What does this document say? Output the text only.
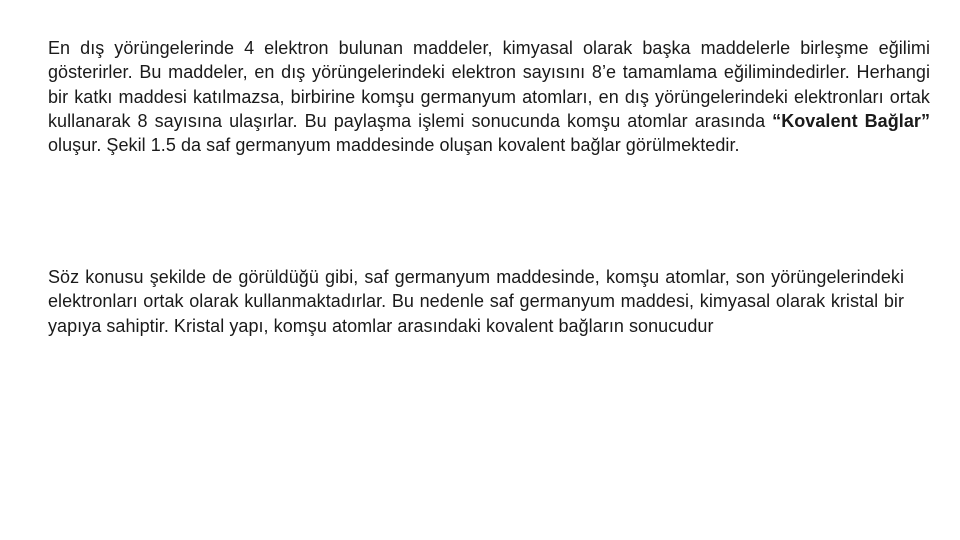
En dış yörüngelerinde 4 elektron bulunan maddeler, kimyasal olarak başka maddelerle birleşme eğilimi gösterirler. Bu maddeler, en dış yörüngelerindeki elektron sayısını 8’e tamamlama eğilimindedirler. Herhangi bir katkı maddesi katılmazsa, birbirine komşu germanyum atomları, en dış yörüngelerindeki elektronları ortak kullanarak 8 sayısına ulaşırlar. Bu paylaşma işlemi sonucunda komşu atomlar arasında “Kovalent Bağlar” oluşur. Şekil 1.5 da saf germanyum maddesinde oluşan kovalent bağlar görülmektedir.

Söz konusu şekilde de görüldüğü gibi, saf germanyum maddesinde, komşu atomlar, son yörüngelerindeki elektronları ortak olarak kullanmaktadırlar. Bu nedenle saf germanyum maddesi, kimyasal olarak kristal bir yapıya sahiptir. Kristal yapı, komşu atomlar arasındaki kovalent bağların sonucudur
